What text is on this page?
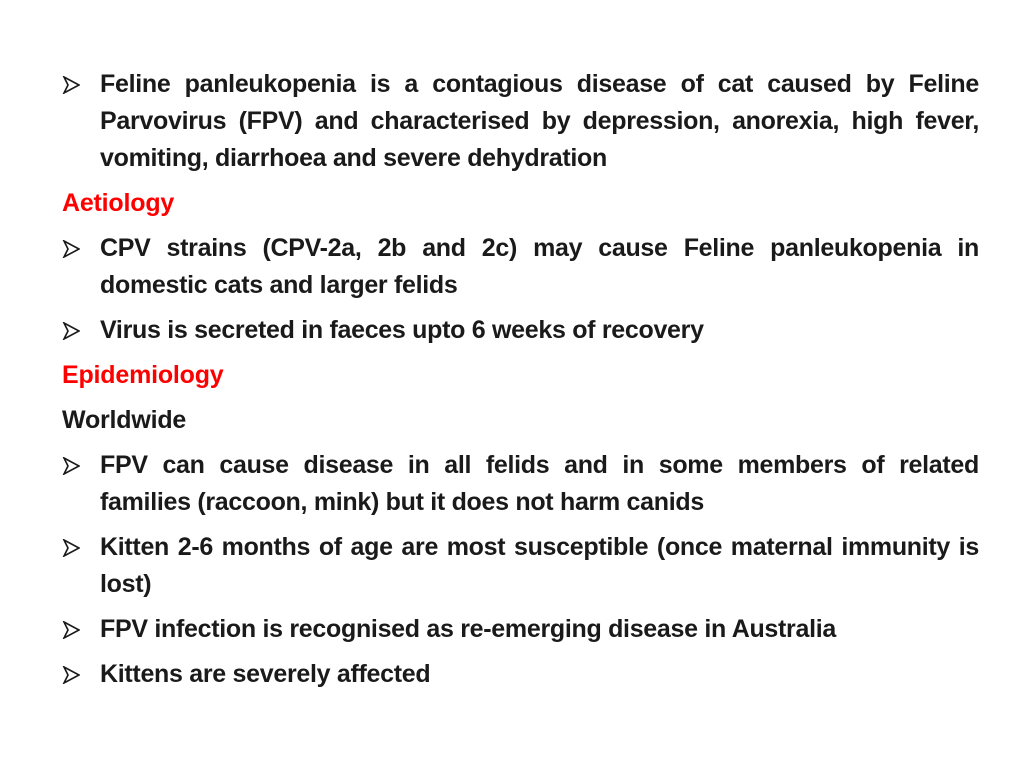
Feline panleukopenia is a contagious disease of cat caused by Feline Parvovirus (FPV) and characterised by depression, anorexia, high fever, vomiting, diarrhoea and severe dehydration
Aetiology
CPV strains (CPV-2a, 2b and 2c) may cause Feline panleukopenia in domestic cats and larger felids
Virus is secreted in faeces upto 6 weeks of recovery
Epidemiology
Worldwide
FPV can cause disease in all felids and in some members of related families (raccoon, mink) but it does not harm canids
Kitten 2-6 months of age are most susceptible (once maternal immunity is lost)
FPV infection is recognised as re-emerging disease in Australia
Kittens are severely affected
